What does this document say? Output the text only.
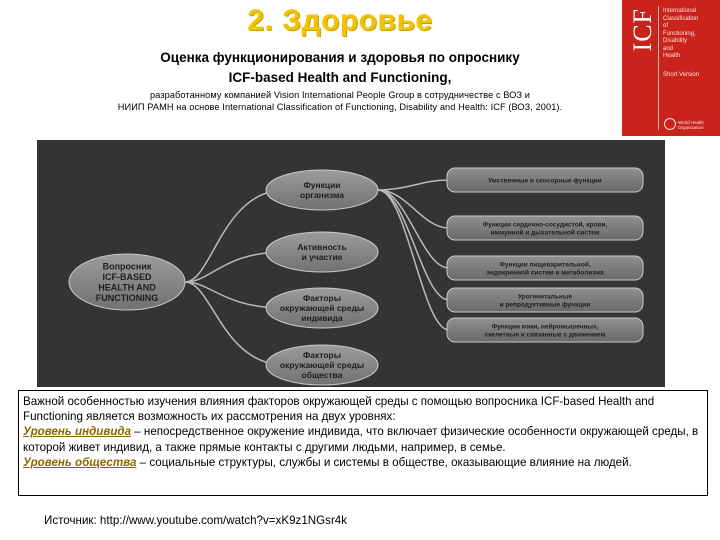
2. Здоровье
Оценка функционирования и здоровья по опроснику
ICF-based Health and Functioning,
разработанному компанией Vision International People Group в сотрудничестве с ВОЗ и
НИИП РАМН на основе International Classification of Functioning, Disability and Health: ICF (ВОЗ, 2001).
ICF International
Classification
of
Functioning,
Disability
and
Health
Short Version
World Health Organization
Вопросник ICF-BASED HEALTH AND FUNCTIONING
Функции организма
Активность и участие
Факторы окружающей среды индивида
Факторы окружающей среды общества
Умственные и сенсорные функции
Функции сердечно-сосудистой, крови, иммунной и дыхательной систем
Функции пищеварительной, эндокринной систем и метаболизма
Урогенитальные и репродуктивные функции
Функции кожи, нейромышечных, скелетные и связанные с движением

Важной особенностью изучения влияния факторов окружающей среды с помощью вопросника ICF-based Health and Functioning является возможность их рассмотрения на двух уровнях:

Уровень индивида – непосредственное окружение индивида, что включает физические особенности окружающей среды, в которой живет индивид, а также прямые контакты с другими людьми, например, в семье.

Уровень общества – социальные структуры, службы и системы в обществе, оказывающие влияние на людей.

Источник: http://www.youtube.com/watch?v=xK9z1NGsr4k
